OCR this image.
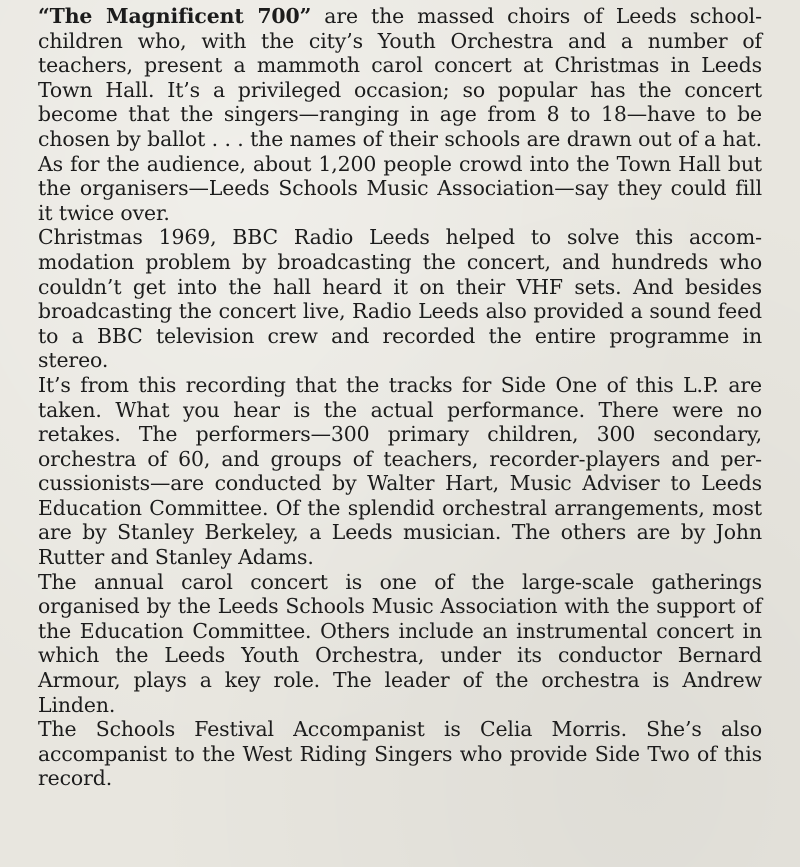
“The Magnificent 700” are the massed choirs of Leeds schoolchildren who, with the city’s Youth Orchestra and a number of teachers, present a mammoth carol concert at Christmas in Leeds Town Hall. It’s a privileged occasion; so popular has the concert become that the singers—ranging in age from 8 to 18—have to be chosen by ballot . . . the names of their schools are drawn out of a hat. As for the audience, about 1,200 people crowd into the Town Hall but the organisers—Leeds Schools Music Association—say they could fill it twice over.

Christmas 1969, BBC Radio Leeds helped to solve this accommodation problem by broadcasting the concert, and hundreds who couldn’t get into the hall heard it on their VHF sets. And besides broadcasting the concert live, Radio Leeds also provided a sound feed to a BBC television crew and recorded the entire programme in stereo.

It’s from this recording that the tracks for Side One of this L.P. are taken. What you hear is the actual performance. There were no retakes. The performers—300 primary children, 300 secondary, orchestra of 60, and groups of teachers, recorder-players and percussionists—are conducted by Walter Hart, Music Adviser to Leeds Education Committee. Of the splendid orchestral arrangements, most are by Stanley Berkeley, a Leeds musician. The others are by John Rutter and Stanley Adams.

The annual carol concert is one of the large-scale gatherings organised by the Leeds Schools Music Association with the support of the Education Committee. Others include an instrumental concert in which the Leeds Youth Orchestra, under its conductor Bernard Armour, plays a key role. The leader of the orchestra is Andrew Linden.

The Schools Festival Accompanist is Celia Morris. She’s also accompanist to the West Riding Singers who provide Side Two of this record.
